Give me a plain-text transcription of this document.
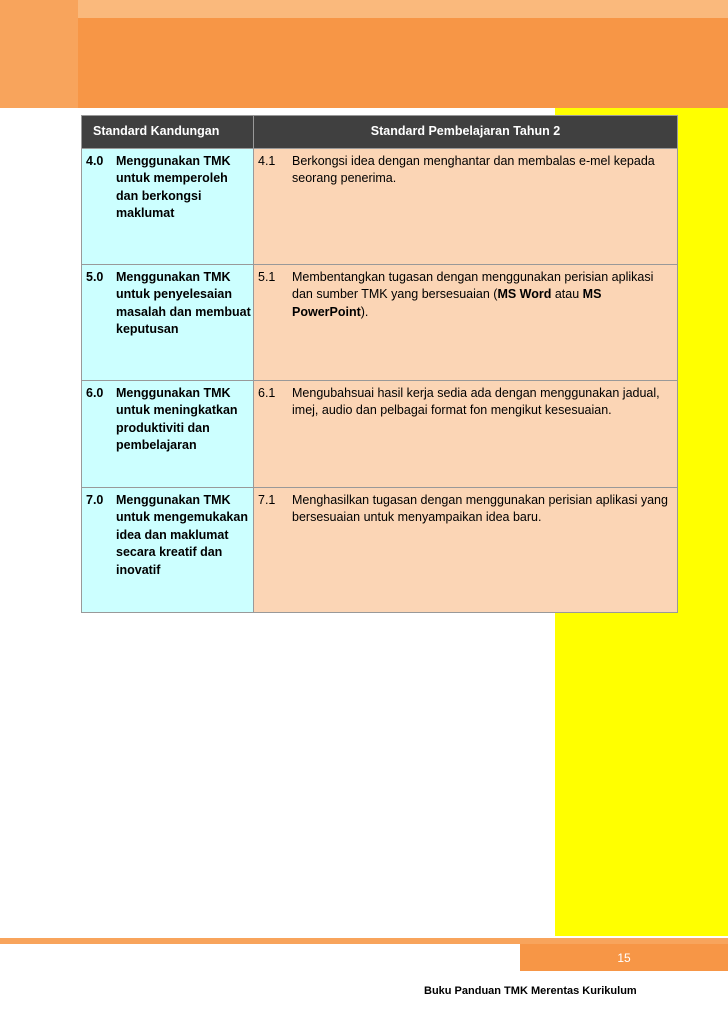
Standard Kandungan	Standard Pembelajaran Tahun 2

4.0 Menggunakan TMK untuk memperoleh dan berkongsi maklumat	4.1 Berkongsi idea dengan menghantar dan membalas e-mel kepada seorang penerima.

5.0 Menggunakan TMK untuk penyelesaian masalah dan membuat keputusan	5.1 Membentangkan tugasan dengan menggunakan perisian aplikasi dan sumber TMK yang bersesuaian (MS Word atau MS PowerPoint).

6.0 Menggunakan TMK untuk meningkatkan produktiviti dan pembelajaran	6.1 Mengubahsuai hasil kerja sedia ada dengan menggunakan jadual, imej, audio dan pelbagai format fon mengikut kesesuaian.

7.0 Menggunakan TMK untuk mengemukakan idea dan maklumat secara kreatif dan inovatif	7.1 Menghasilkan tugasan dengan menggunakan perisian aplikasi yang bersesuaian untuk menyampaikan idea baru.
15
Buku Panduan TMK Merentas Kurikulum
